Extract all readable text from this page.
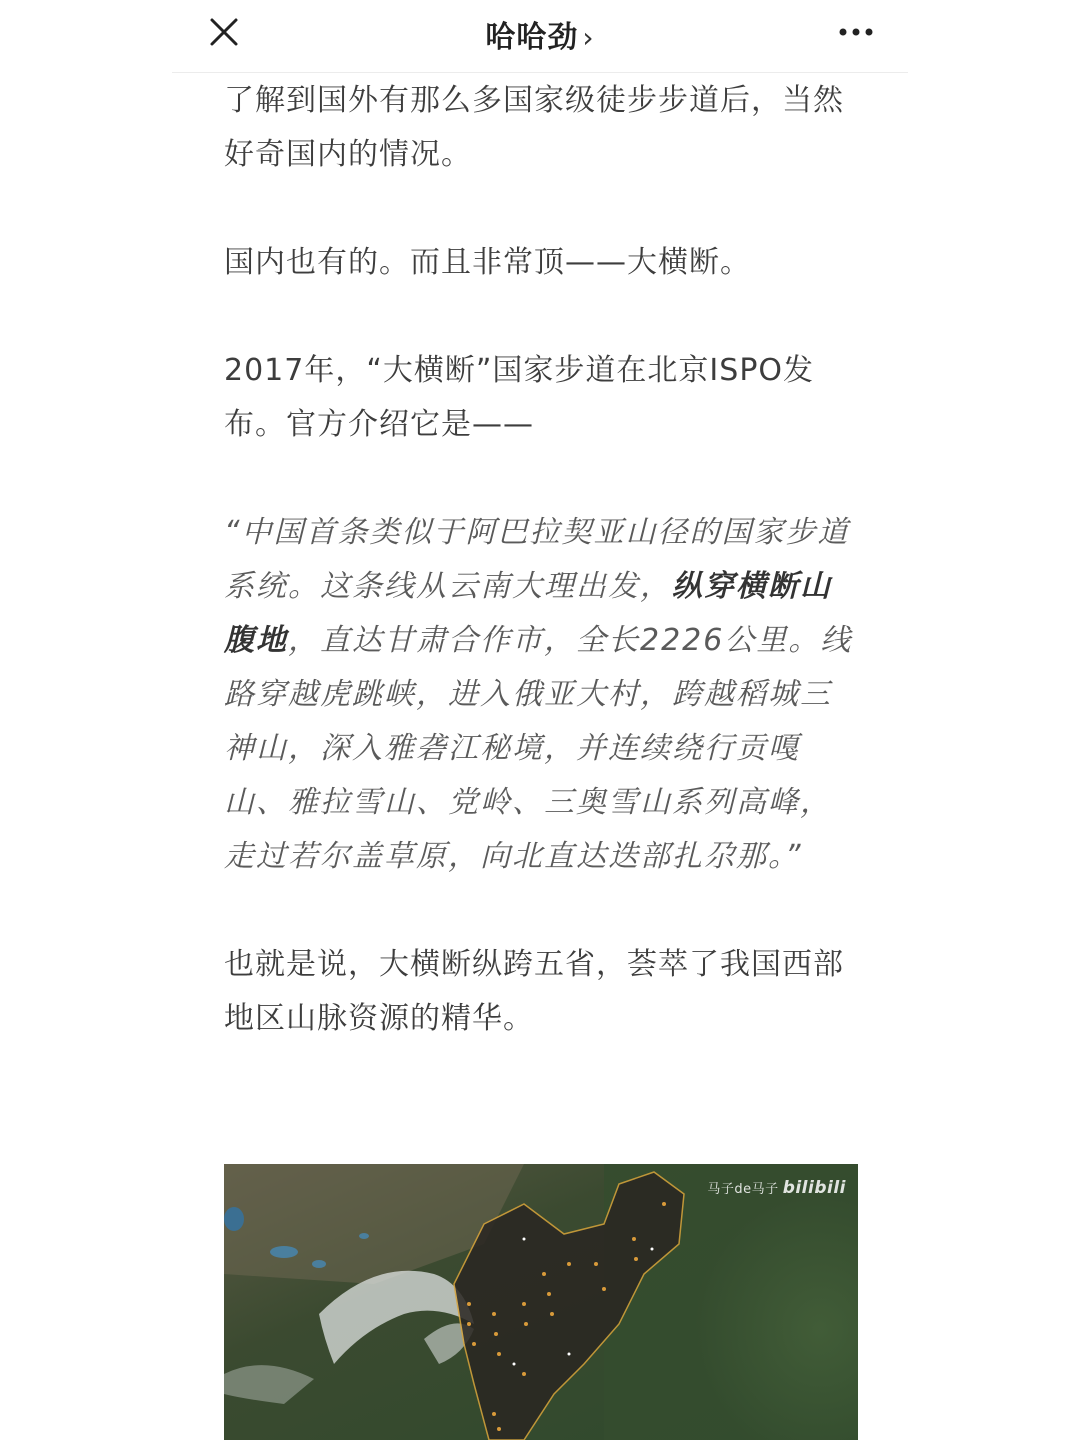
哈哈劲 ›

了解到国外有那么多国家级徒步步道后，当然好奇国内的情况。

国内也有的。而且非常顶——大横断。

2017年，“大横断”国家步道在北京ISPO发布。官方介绍它是——

“中国首条类似于阿巴拉契亚山径的国家步道系统。这条线从云南大理出发，纵穿横断山腹地，直达甘肃合作市，全长2226公里。线路穿越虎跳峡，进入俄亚大村，跨越稻城三神山，深入雅砻江秘境，并连续绕行贡嘎山、雅拉雪山、党岭、三奥雪山系列高峰，走过若尔盖草原，向北直达迭部扎尕那。”

也就是说，大横断纵跨五省，荟萃了我国西部地区山脉资源的精华。

马子de马子 bilibili
